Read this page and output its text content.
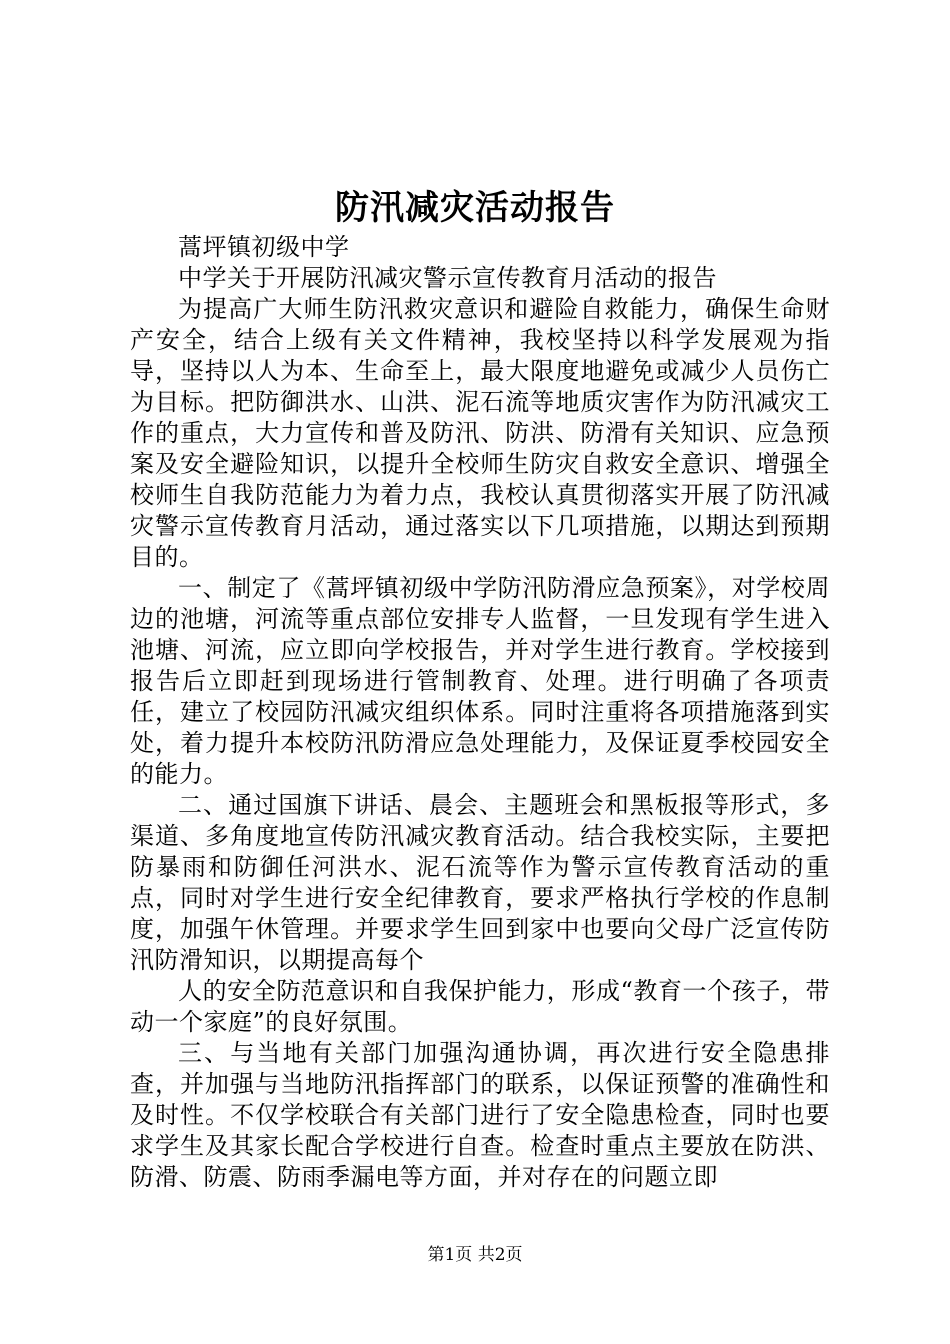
防汛减灾活动报告

蒿坪镇初级中学

中学关于开展防汛减灾警示宣传教育月活动的报告

为提高广大师生防汛救灾意识和避险自救能力，确保生命财产安全，结合上级有关文件精神，我校坚持以科学发展观为指导，坚持以人为本、生命至上，最大限度地避免或减少人员伤亡为目标。把防御洪水、山洪、泥石流等地质灾害作为防汛减灾工作的重点，大力宣传和普及防汛、防洪、防滑有关知识、应急预案及安全避险知识，以提升全校师生防灾自救安全意识、增强全校师生自我防范能力为着力点，我校认真贯彻落实开展了防汛减灾警示宣传教育月活动，通过落实以下几项措施，以期达到预期目的。

一、制定了《蒿坪镇初级中学防汛防滑应急预案》，对学校周边的池塘，河流等重点部位安排专人监督，一旦发现有学生进入池塘、河流，应立即向学校报告，并对学生进行教育。学校接到报告后立即赶到现场进行管制教育、处理。进行明确了各项责任，建立了校园防汛减灾组织体系。同时注重将各项措施落到实处，着力提升本校防汛防滑应急处理能力，及保证夏季校园安全的能力。

二、通过国旗下讲话、晨会、主题班会和黑板报等形式，多渠道、多角度地宣传防汛减灾教育活动。结合我校实际，主要把防暴雨和防御任河洪水、泥石流等作为警示宣传教育活动的重点，同时对学生进行安全纪律教育，要求严格执行学校的作息制度，加强午休管理。并要求学生回到家中也要向父母广泛宣传防汛防滑知识，以期提高每个

人的安全防范意识和自我保护能力，形成“教育一个孩子，带动一个家庭”的良好氛围。

三、与当地有关部门加强沟通协调，再次进行安全隐患排查，并加强与当地防汛指挥部门的联系，以保证预警的准确性和及时性。不仅学校联合有关部门进行了安全隐患检查，同时也要求学生及其家长配合学校进行自查。检查时重点主要放在防洪、防滑、防震、防雨季漏电等方面，并对存在的问题立即

第1页 共2页
